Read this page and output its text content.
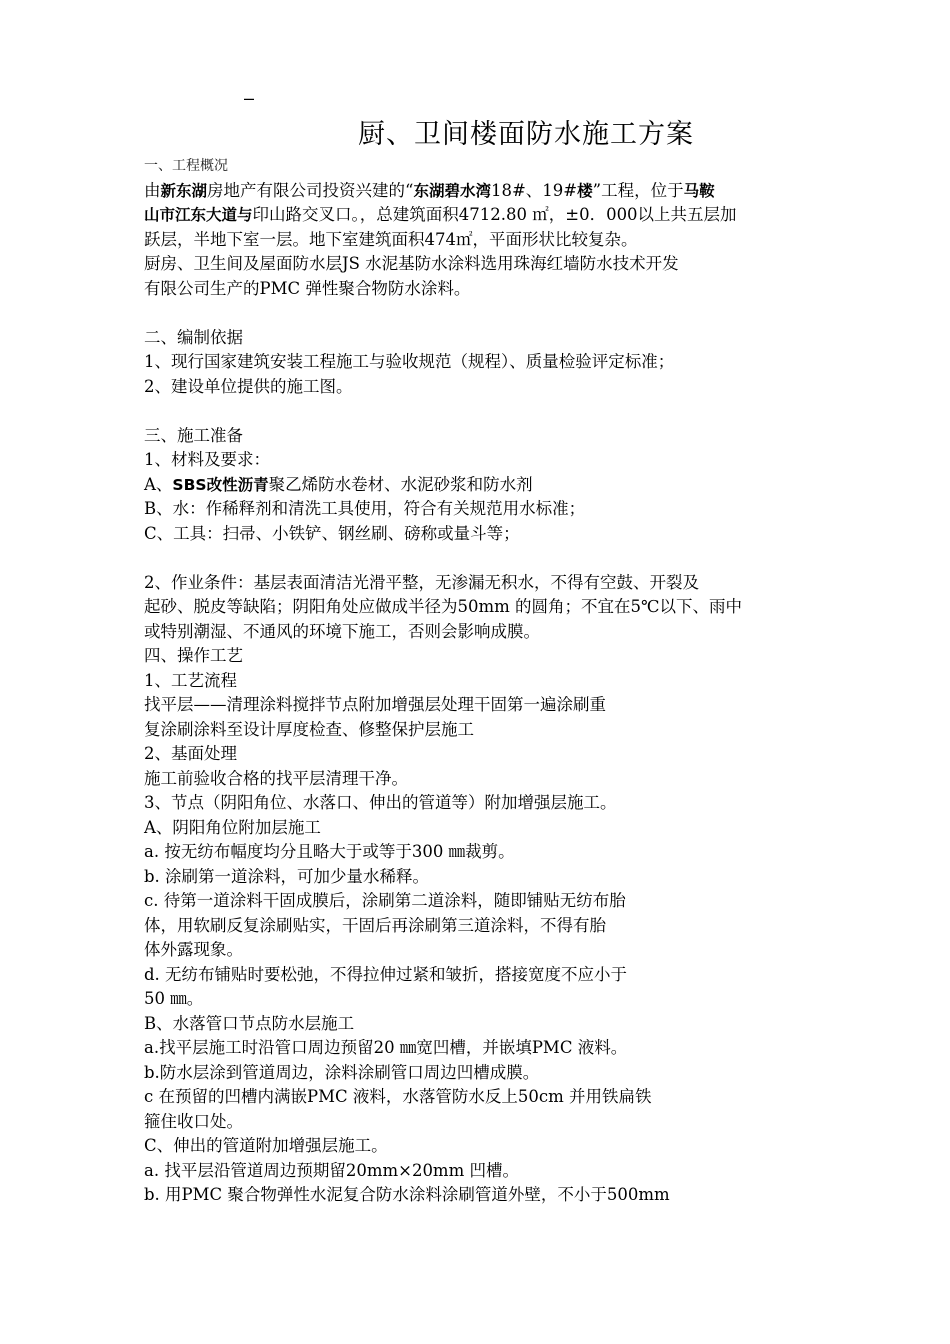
–
厨、卫间楼面防水施工方案
一、工程概况
由新东湖房地产有限公司投资兴建的“东湖碧水湾18#、19#楼”工程，位于马鞍
山市江东大道与印山路交叉口。，总建筑面积4712.80 ㎡，±0．000以上共五层加
跃层，半地下室一层。地下室建筑面积474㎡，平面形状比较复杂。
厨房、卫生间及屋面防水层JS 水泥基防水涂料选用珠海红墙防水技术开发
有限公司生产的PMC 弹性聚合物防水涂料。
二、编制依据
1、现行国家建筑安装工程施工与验收规范（规程）、质量检验评定标准；
2、建设单位提供的施工图。
三、施工准备
1、材料及要求：
A、SBS改性沥青聚乙烯防水卷材、水泥砂浆和防水剂
B、水：作稀释剂和清洗工具使用，符合有关规范用水标准；
C、工具：扫帚、小铁铲、钢丝刷、磅称或量斗等；
2、作业条件：基层表面清洁光滑平整，无渗漏无积水，不得有空鼓、开裂及
起砂、脱皮等缺陷；阴阳角处应做成半径为50mm 的圆角；不宜在5℃以下、雨中
或特别潮湿、不通风的环境下施工，否则会影响成膜。
四、操作工艺
1、工艺流程
找平层——清理涂料搅拌节点附加增强层处理干固第一遍涂刷重
复涂刷涂料至设计厚度检查、修整保护层施工
2、基面处理
施工前验收合格的找平层清理干净。
3、节点（阴阳角位、水落口、伸出的管道等）附加增强层施工。
A、阴阳角位附加层施工
a. 按无纺布幅度均分且略大于或等于300 ㎜裁剪。
b. 涂刷第一道涂料，可加少量水稀释。
c. 待第一道涂料干固成膜后，涂刷第二道涂料，随即铺贴无纺布胎
体，用软刷反复涂刷贴实，干固后再涂刷第三道涂料，不得有胎
体外露现象。
d. 无纺布铺贴时要松弛，不得拉伸过紧和皱折，搭接宽度不应小于
50 ㎜。
B、水落管口节点防水层施工
a.找平层施工时沿管口周边预留20 ㎜宽凹槽，并嵌填PMC 液料。
b.防水层涂到管道周边，涂料涂刷管口周边凹槽成膜。
c 在预留的凹槽内满嵌PMC 液料，水落管防水反上50cm 并用铁扁铁
箍住收口处。
C、伸出的管道附加增强层施工。
a. 找平层沿管道周边预期留20mm×20mm 凹槽。
b. 用PMC 聚合物弹性水泥复合防水涂料涂刷管道外壁，不小于500mm
